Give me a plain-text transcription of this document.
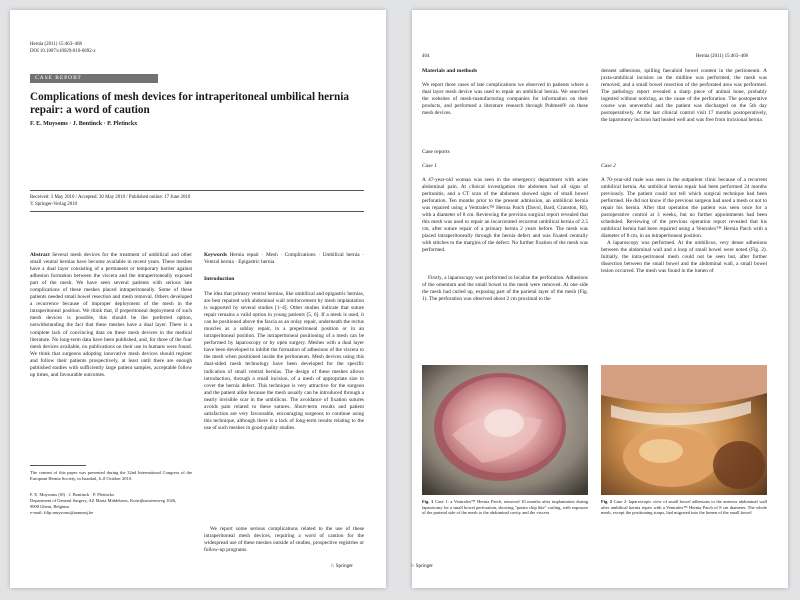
Hernia (2011) 15:463–468
DOI 10.1007/s10029-010-0692-x
CASE REPORT
Complications of mesh devices for intraperitoneal umbilical hernia repair: a word of caution
F. E. Muysoms · J. Bontinck · P. Pletinckx
Received: 3 May 2010 / Accepted: 30 May 2010 / Published online: 17 June 2010
© Springer-Verlag 2010

Abstract Several mesh devices for the treatment of umbilical and other small ventral hernias have become available in recent years. These meshes have a dual layer consisting of a permanent or temporary barrier against adhesion formation between the viscera and the intraperitoneally exposed part of the mesh. We have seen several patients with serious late complications of these meshes placed intraperitoneally. Some of these patients needed small bowel resection and mesh removal. Others developed a recurrence because of improper deployment of the mesh in the intraperitoneal position. We think that, if preperitoneal deployment of such mesh devices is possible, this should be the preferred option, notwithstanding the fact that these meshes have a dual layer. There is a complete lack of convincing data on these mesh devices in the medical literature. No long-term data have been published, and, for three of the four mesh devices available, no publications on their use in humans were found. We think that surgeons adopting innovative mesh devices should register and follow their patients prospectively, at least until there are enough published studies with sufficiently large patient samples, acceptable follow up times, and favourable outcomes.

Keywords Hernia repair · Mesh · Complications · Umbilical hernia · Ventral hernia · Epigastric hernia

Introduction

The idea that primary ventral hernias, like umbilical and epigastric hernias, are best repaired with abdominal wall reinforcement by mesh implantation is supported by several studies [1–4]. Other studies indicate that suture repair remains a valid option in young patients [5, 6]. If a mesh is used, it can be positioned above the fascia as an onlay repair, underneath the rectus muscles as a sublay repair, in a preperitoneal position or in an intraperitoneal position. The intraperitoneal positioning of a mesh can be performed by laparoscopy or by open surgery. Meshes with a dual layer have been developed to inhibit the formation of adhesions of the viscera to the mesh when positioned inside the peritoneum. Mesh devices using this dual-sided mesh technology have been developed for the specific indication of small ventral hernias. The design of these meshes allows introduction, through a small incision, of a mesh of appropriate size to cover the hernia defect. This technique is very attractive for the surgeon and the patient alike because the mesh usually can be introduced through a nearly invisible scar in the umbilicus. The avoidance of fixation sutures avoids pain related to these sutures. Short-term results and patient satisfaction are very favourable, encouraging surgeons to continue using this technique, although there is a lack of long-term results relating to the use of such meshes in good quality studies.

We report some serious complications related to the use of these intraperitoneal mesh devices, requiring a word of caution for the widespread use of these meshes outside of studies, prospective registries or follow-up programs.

The content of this paper was presented during the 32nd International Congress of the European Hernia Society, in Istanbul, 6–8 October 2010.

F. E. Muysoms (✉) · J. Bontinck · P. Pletinckx

Department of General Surgery, AZ Maria Middelares, Kortrijksesteenweg 1026, 9000 Ghent, Belgium

e-mail: filip.muysoms@azmmsj.be
♘ Springer
464	Hernia (2011) 15:463–468
Materials and methods

We report three cases of late complications we observed in patients where a dual layer mesh device was used to repair an umbilical hernia. We searched the websites of mesh-manufacturing companies for information on their products, and performed a literature research through Pubmed® on these mesh devices.

Case reports
Case 1

A 47-year-old woman was seen in the emergency department with acute abdominal pain. At clinical investigation the abdomen had all signs of peritonitis, and a CT scan of the abdomen showed signs of small bowel perforation. Ten months prior to the present admission, an umbilical hernia was repaired using a Ventralex™ Hernia Patch (Davol, Bard, Cranston, RI), with a diameter of 8 cm. Reviewing the previous surgical report revealed that this mesh was used to repair an incarcerated recurrent umbilical hernia of 2.5 cm, after suture repair of a primary hernia 2 years before. The mesh was placed intraperitoneally through the hernia defect and was fixated centrally with stitches to the margins of the defect. No further fixation of the mesh was performed.

Firstly, a laparoscopy was performed to localise the perforation. Adhesions of the omentum and the small bowel to the mesh were removed. At one side the mesh had curled up, exposing part of the parietal layer of the mesh (Fig. 1). The perforation was observed about 2 cm proximal to the

densest adhesions, spilling faecaloid bowel content in the peritoneum. A juxta-umbilical incision on the midline was performed, the mesh was removed, and a small bowel resection of the perforated area was performed. The pathology report revealed a sharp piece of animal bone, probably ingested without noticing, as the cause of the perforation. The postoperative course was uneventful and the patient was discharged on the 5th day postoperatively. At the last clinical control visit 17 months postoperatively, the laparotomy incision had healed well and was free from incisional hernia.

Case 2

A 70-year-old male was seen in the outpatient clinic because of a recurrent umbilical hernia. An umbilical hernia repair had been performed 24 months previously. The patient could not tell which surgical technique had been performed. He did not know if the previous surgeon had used a mesh or not to repair his hernia. After that operation the patient was seen once for a postoperative control at 3 weeks, but no further appointments had been scheduled. Reviewing of the previous operation report revealed that his umbilical hernia had been repaired using a Ventralex™ Hernia Patch with a diameter of 8 cm, in an intraperitoneal position.

A laparoscopy was performed. At the umbilicus, very dense adhesions between the abdominal wall and a loop of small bowel were noted (Fig. 2). Initially, the intra-peritoneal mesh could not be seen but, after further dissection between the small bowel and the abdominal wall, a small bowel lesion occurred. The mesh was found in the lumen of

Fig. 1 Case 1: a Ventralex™ Hernia Patch, removed 10 months after implantation during laparotomy for a small bowel perforation, showing "potato chip like" curling, with exposure of the parietal side of the mesh to the abdominal cavity and the viscera

Fig. 2 Case 2: laparoscopic view of small bowel adhesions to the anterior abdominal wall after umbilical hernia repair with a Ventralex™ Hernia Patch of 8 cm diameter. The whole mesh, except the positioning straps, had migrated into the lumen of the small bowel

♘ Springer
